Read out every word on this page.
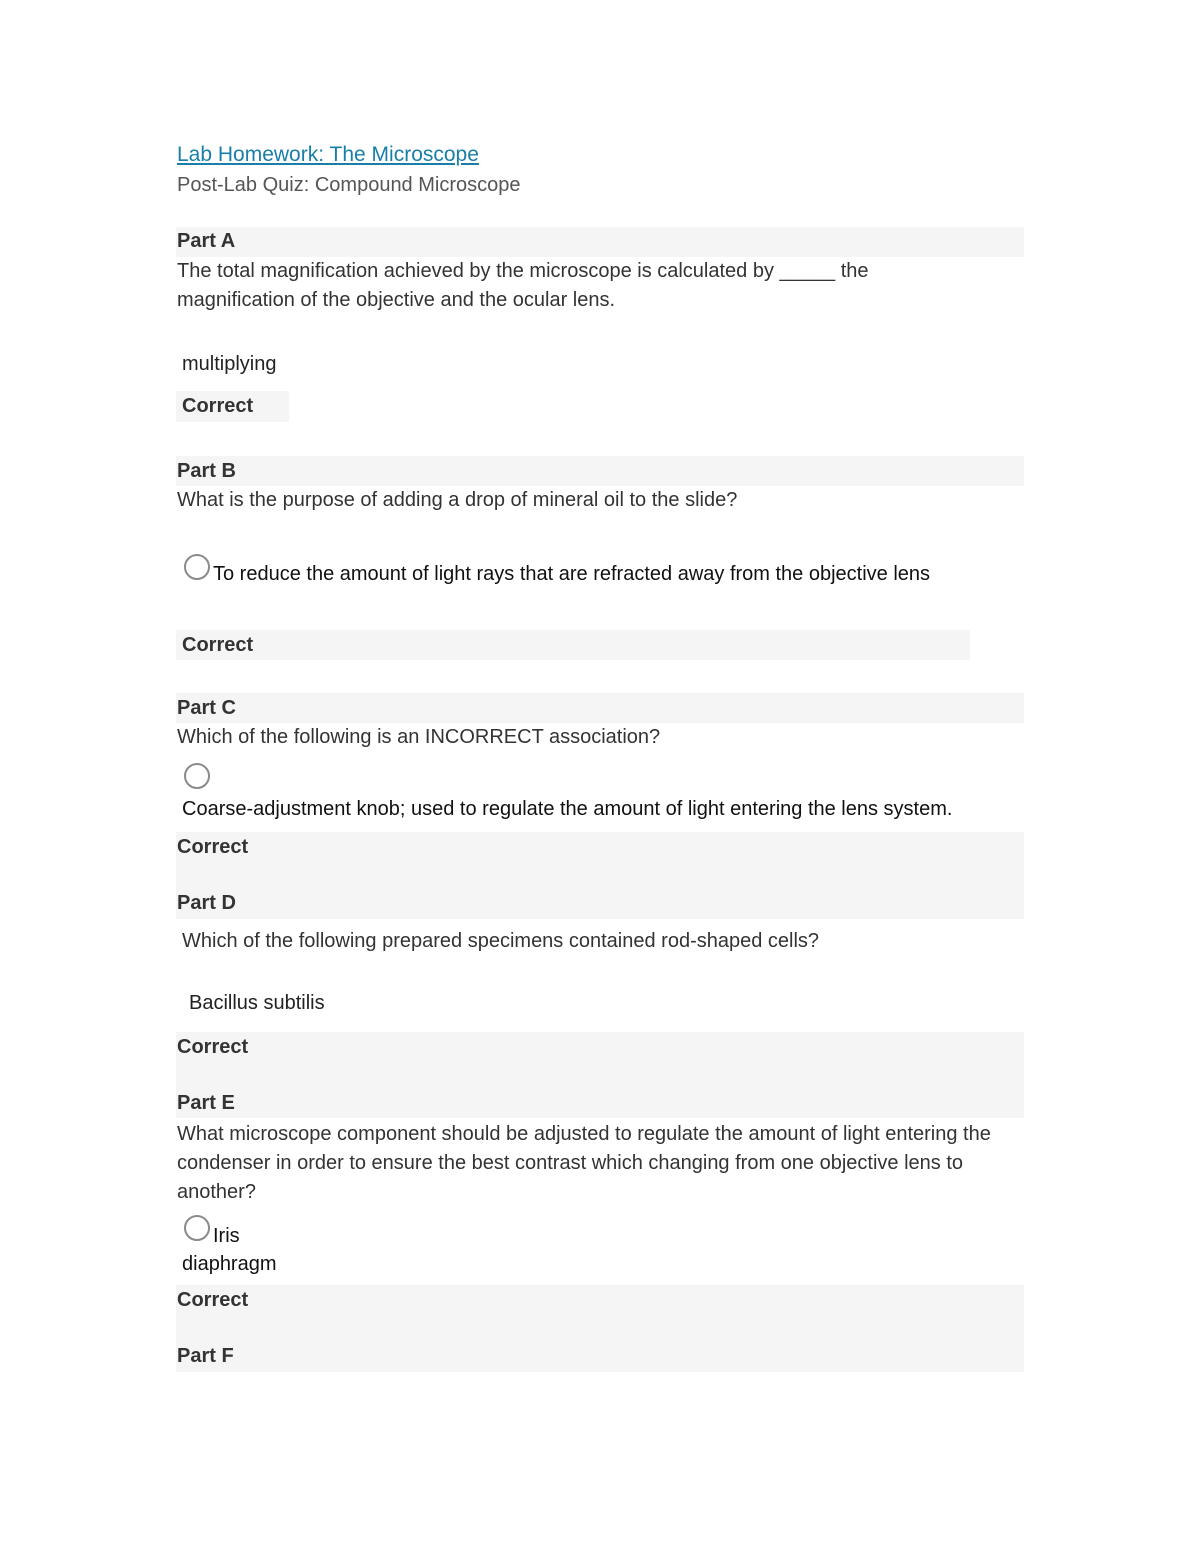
Lab Homework: The Microscope
Post-Lab Quiz: Compound Microscope
Part A
The total magnification achieved by the microscope is calculated by _____ the magnification of the objective and the ocular lens.
multiplying
Correct
Part B
What is the purpose of adding a drop of mineral oil to the slide?
To reduce the amount of light rays that are refracted away from the objective lens
Correct
Part C
Which of the following is an INCORRECT association?
Coarse-adjustment knob; used to regulate the amount of light entering the lens system.
Correct
Part D
Which of the following prepared specimens contained rod-shaped cells?
Bacillus subtilis
Correct
Part E
What microscope component should be adjusted to regulate the amount of light entering the condenser in order to ensure the best contrast which changing from one objective lens to another?
Iris diaphragm
Correct
Part F
